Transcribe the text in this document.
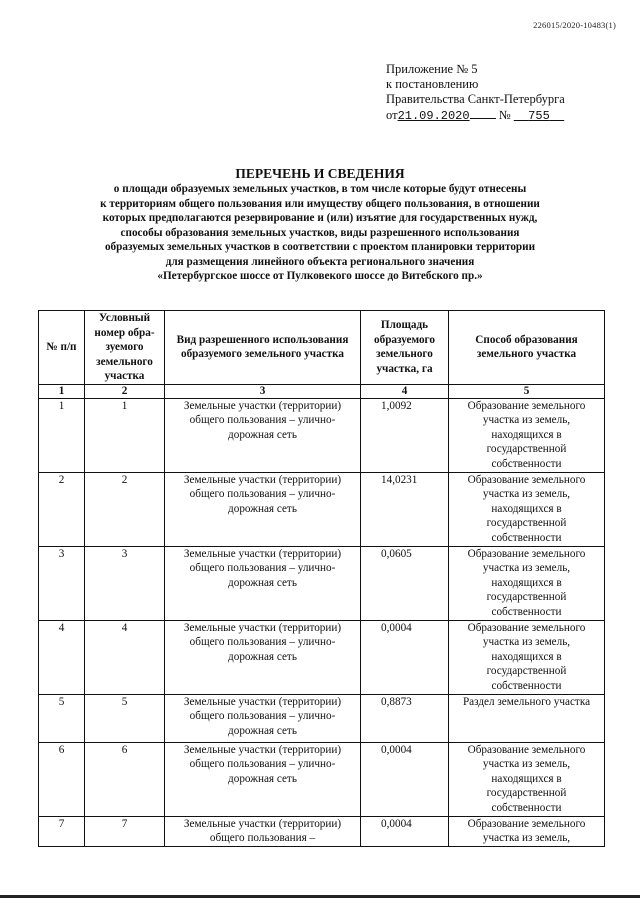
226015/2020-10483(1)
Приложение № 5
к постановлению
Правительства Санкт-Петербурга
от21.09.2020 № 755
ПЕРЕЧЕНЬ И СВЕДЕНИЯ
о площади образуемых земельных участков, в том числе которые будут отнесены
к территориям общего пользования или имуществу общего пользования, в отношении
которых предполагаются резервирование и (или) изъятие для государственных нужд,
способы образования земельных участков, виды разрешенного использования
образуемых земельных участков в соответствии с проектом планировки территории
для размещения линейного объекта регионального значения
«Петербургское шоссе от Пулковекого шоссе до Витебского пр.»
№ п/п	Условный номер обра-зуемого земельного участка	Вид разрешенного использования образуемого земельного участка	Площадь образуемого земельного участка, га	Способ образования земельного участка
1	2	3	4	5
1	1	Земельные участки (территории) общего пользования – улично-дорожная сеть	1,0092	Образование земельного участка из земель, находящихся в государственной собственности
2	2	Земельные участки (территории) общего пользования – улично-дорожная сеть	14,0231	Образование земельного участка из земель, находящихся в государственной собственности
3	3	Земельные участки (территории) общего пользования – улично-дорожная сеть	0,0605	Образование земельного участка из земель, находящихся в государственной собственности
4	4	Земельные участки (территории) общего пользования – улично-дорожная сеть	0,0004	Образование земельного участка из земель, находящихся в государственной собственности
5	5	Земельные участки (территории) общего пользования – улично-дорожная сеть	0,8873	Раздел земельного участка
6	6	Земельные участки (территории) общего пользования – улично-дорожная сеть	0,0004	Образование земельного участка из земель, находящихся в государственной собственности
7	7	Земельные участки (территории) общего пользования –	0,0004	Образование земельного участка из земель,
